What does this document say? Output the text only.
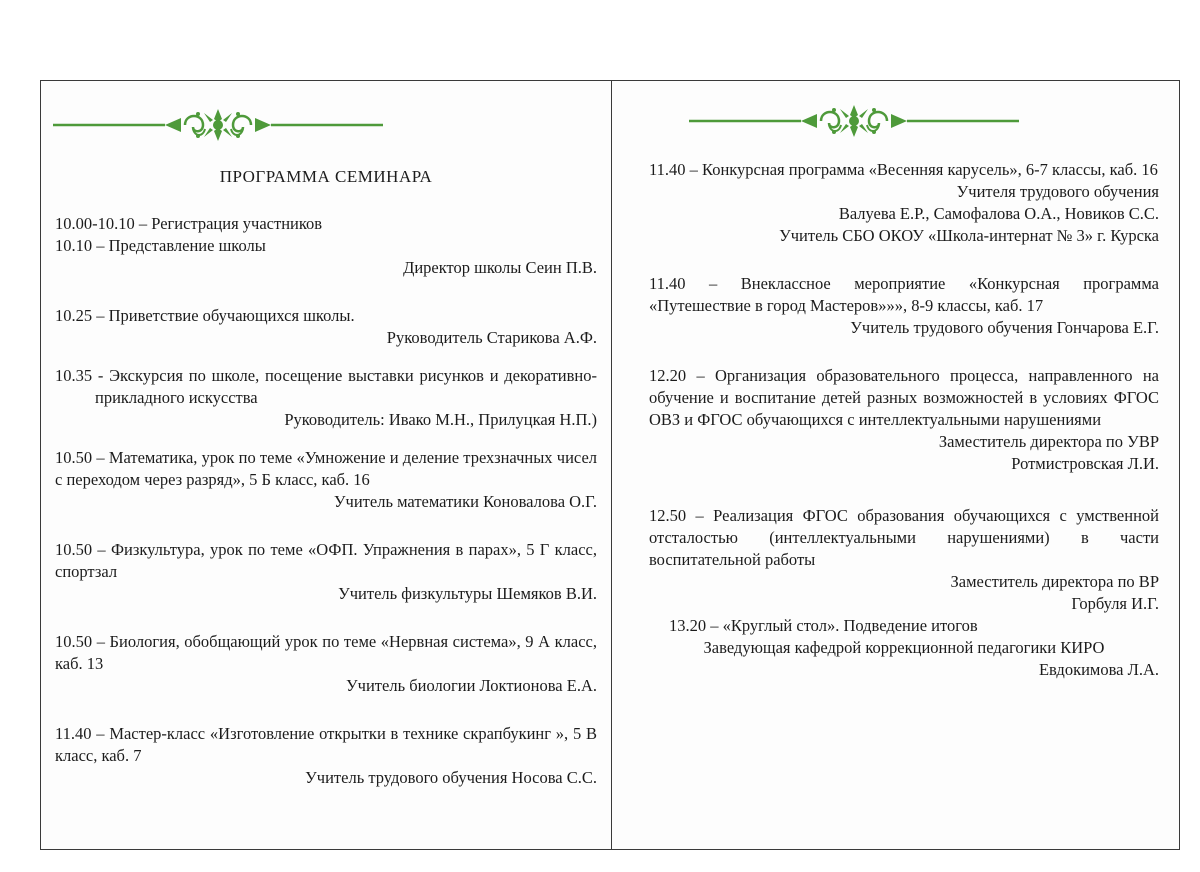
ПРОГРАММА СЕМИНАРА

10.00-10.10 – Регистрация участников

10.10 – Представление школы

Директор школы Сеин П.В.

10.25 – Приветствие обучающихся школы.

Руководитель Старикова А.Ф.

10.35 - Экскурсия по школе, посещение выставки рисунков и декоративно- прикладного искусства

Руководитель: Ивако М.Н., Прилуцкая Н.П.)

10.50 – Математика, урок по теме «Умножение и деление трехзначных чисел с переходом через разряд», 5 Б класс, каб. 16

Учитель математики Коновалова О.Г.

10.50 – Физкультура, урок по теме «ОФП. Упражнения в парах», 5 Г класс, спортзал

Учитель физкультуры Шемяков В.И.

10.50 – Биология, обобщающий урок по теме «Нервная система», 9 А класс, каб. 13

Учитель биологии Локтионова Е.А.

11.40 – Мастер-класс «Изготовление открытки в технике скрапбукинг », 5 В класс, каб. 7

Учитель трудового обучения Носова С.С.

11.40 – Конкурсная программа «Весенняя карусель», 6-7 классы, каб. 16

Учителя трудового обучения

Валуева Е.Р., Самофалова О.А., Новиков С.С.

Учитель СБО ОКОУ «Школа-интернат № 3» г. Курска

11.40 – Внеклассное мероприятие «Конкурсная программа «Путешествие в город Мастеров»»», 8-9 классы, каб. 17

Учитель трудового обучения Гончарова Е.Г.

12.20 – Организация образовательного процесса, направленного на обучение и воспитание детей разных возможностей в условиях ФГОС ОВЗ и ФГОС обучающихся с интеллектуальными нарушениями

Заместитель директора по УВР

Ротмистровская Л.И.

12.50 – Реализация ФГОС образования обучающихся с умственной отсталостью (интеллектуальными нарушениями) в части воспитательной работы

Заместитель директора по ВР

Горбуля И.Г.

13.20 – «Круглый стол». Подведение итогов

Заведующая кафедрой коррекционной педагогики КИРО

Евдокимова Л.А.
